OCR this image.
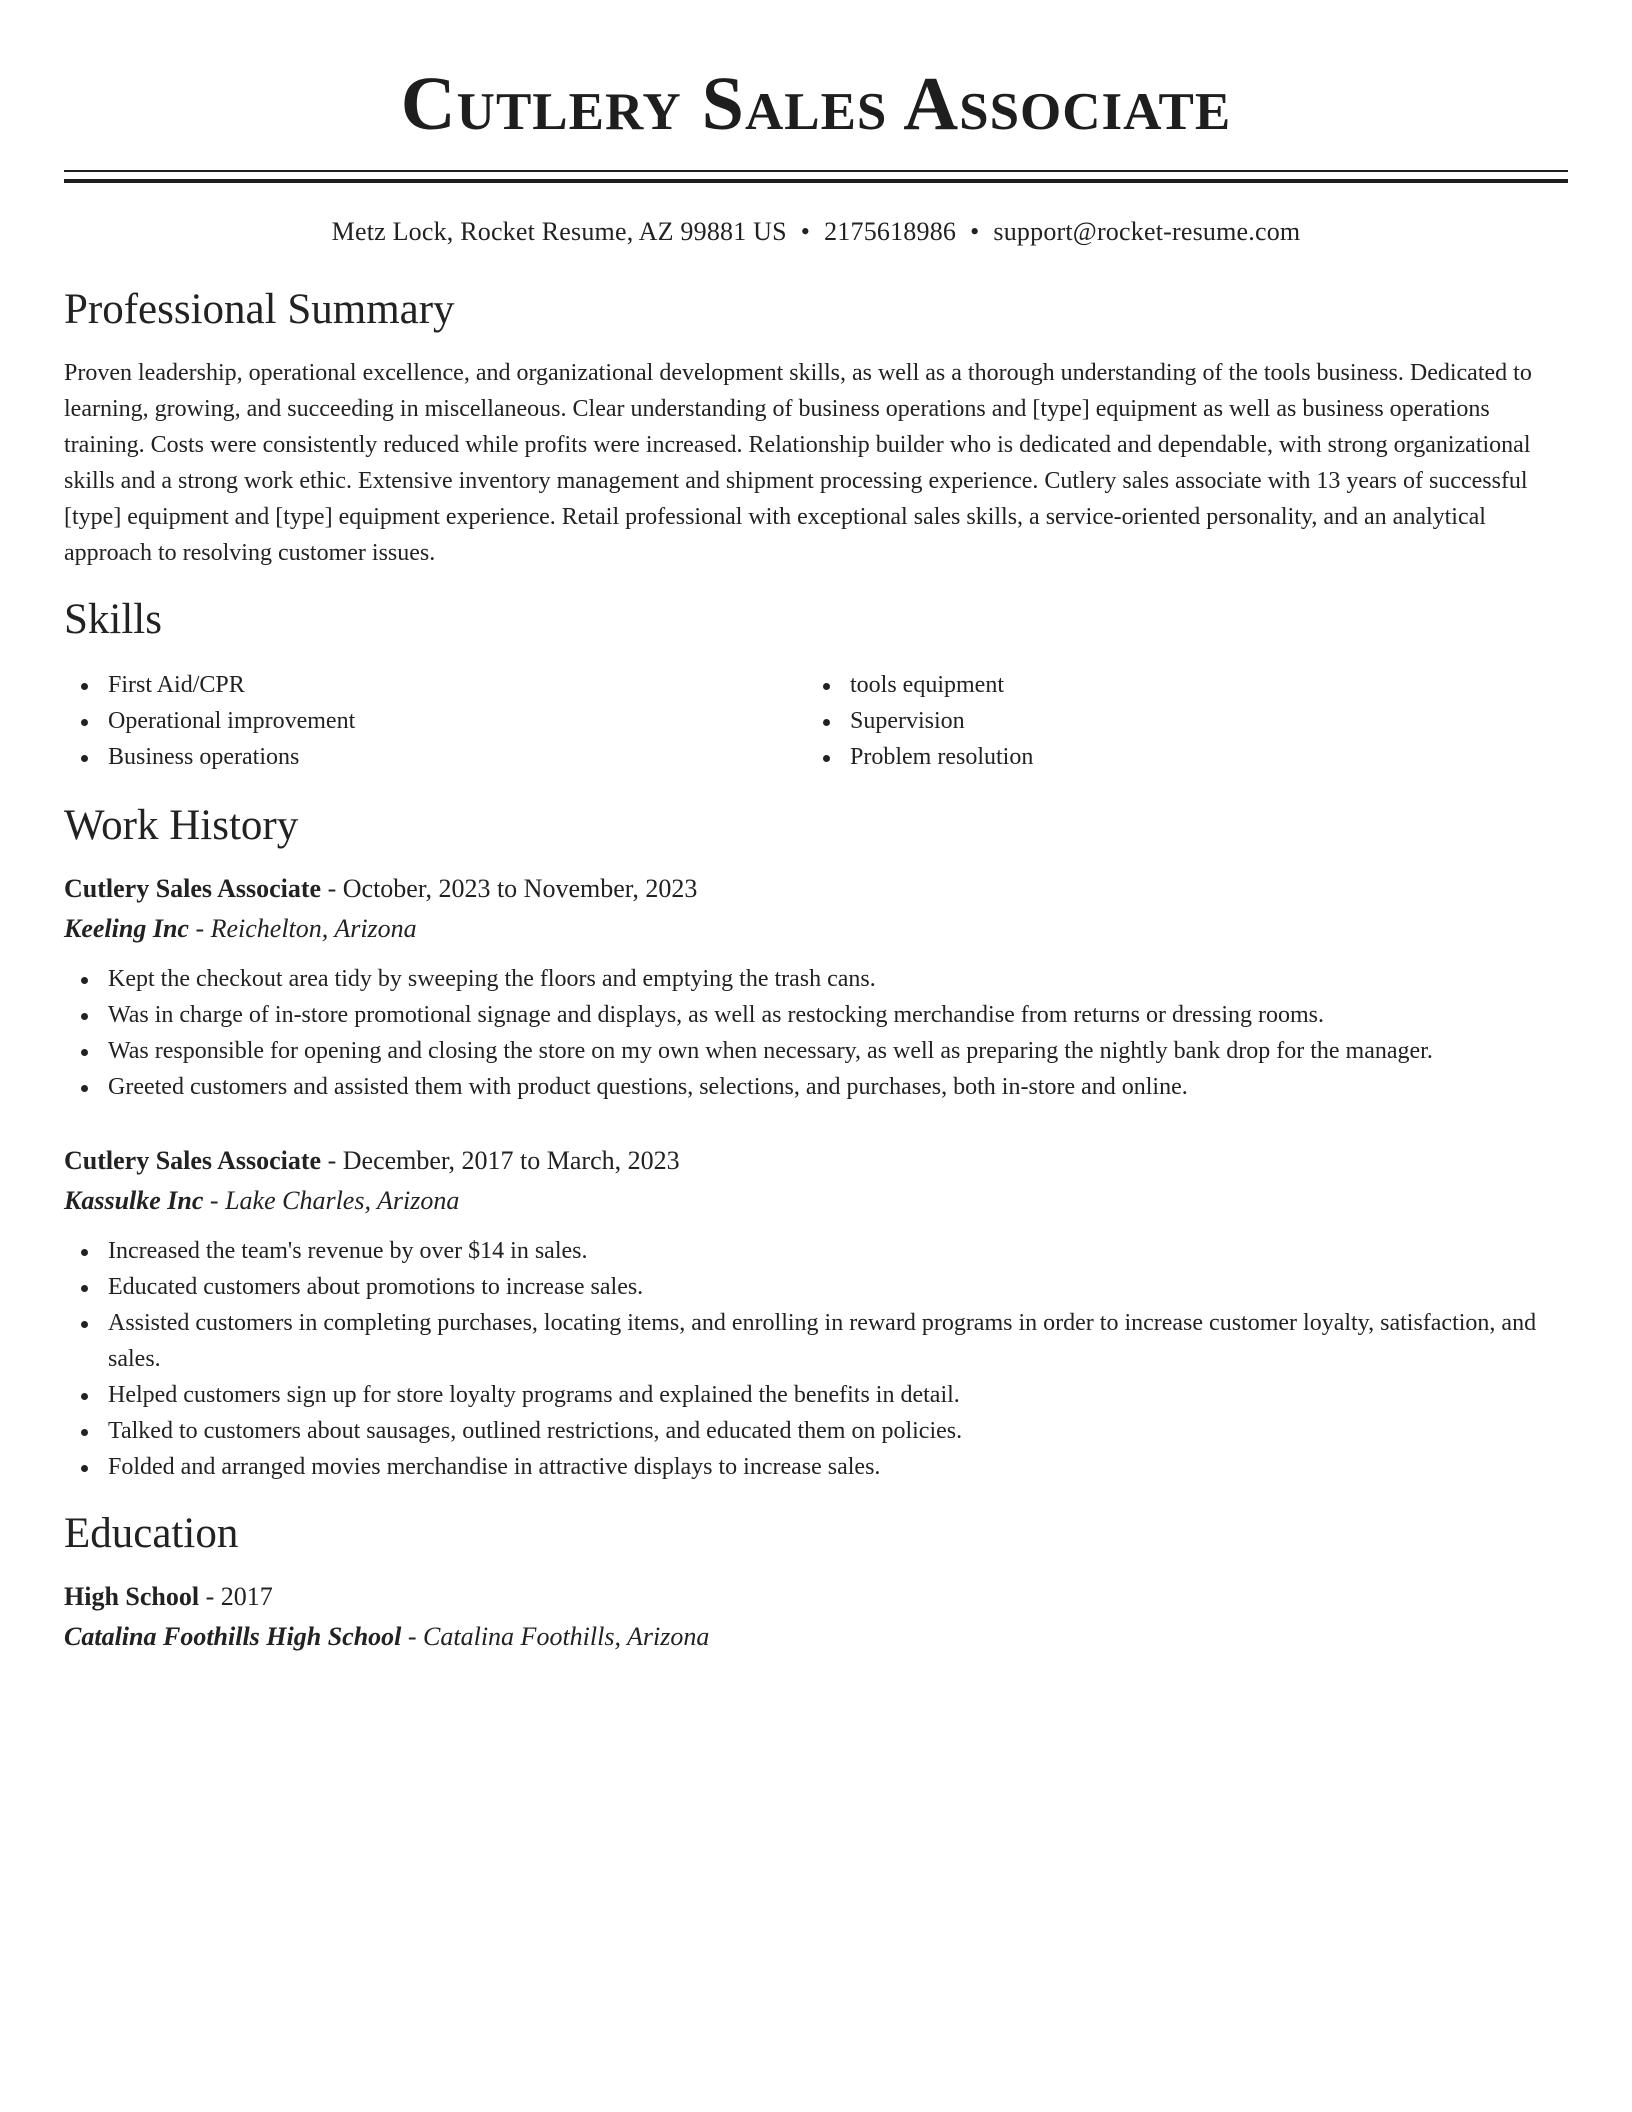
Cutlery Sales Associate
Metz Lock, Rocket Resume, AZ 99881 US • 2175618986 • support@rocket-resume.com
Professional Summary

Proven leadership, operational excellence, and organizational development skills, as well as a thorough understanding of the tools business. Dedicated to learning, growing, and succeeding in miscellaneous. Clear understanding of business operations and [type] equipment as well as business operations training. Costs were consistently reduced while profits were increased. Relationship builder who is dedicated and dependable, with strong organizational skills and a strong work ethic. Extensive inventory management and shipment processing experience. Cutlery sales associate with 13 years of successful [type] equipment and [type] equipment experience. Retail professional with exceptional sales skills, a service-oriented personality, and an analytical approach to resolving customer issues.

Skills
First Aid/CPR
Operational improvement
Business operations
tools equipment
Supervision
Problem resolution
Work History
Cutlery Sales Associate - October, 2023 to November, 2023
Keeling Inc - Reichelton, Arizona
Kept the checkout area tidy by sweeping the floors and emptying the trash cans.
Was in charge of in-store promotional signage and displays, as well as restocking merchandise from returns or dressing rooms.
Was responsible for opening and closing the store on my own when necessary, as well as preparing the nightly bank drop for the manager.
Greeted customers and assisted them with product questions, selections, and purchases, both in-store and online.
Cutlery Sales Associate - December, 2017 to March, 2023
Kassulke Inc - Lake Charles, Arizona
Increased the team's revenue by over $14 in sales.
Educated customers about promotions to increase sales.
Assisted customers in completing purchases, locating items, and enrolling in reward programs in order to increase customer loyalty, satisfaction, and sales.
Helped customers sign up for store loyalty programs and explained the benefits in detail.
Talked to customers about sausages, outlined restrictions, and educated them on policies.
Folded and arranged movies merchandise in attractive displays to increase sales.
Education
High School - 2017
Catalina Foothills High School - Catalina Foothills, Arizona
